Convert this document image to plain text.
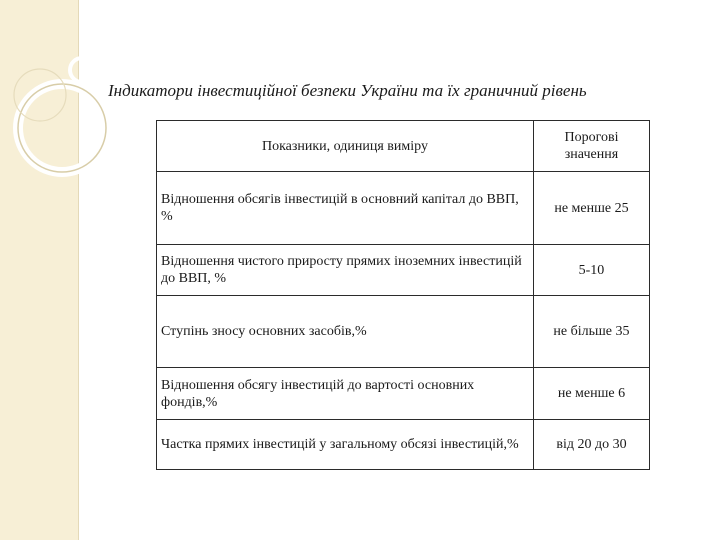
Індикатори інвестиційної безпеки України та їх граничний рівень
Показники, одиниця виміру	Порогові значення
Відношення обсягів інвестицій в основний капітал до ВВП, %	не менше 25
Відношення чистого приросту прямих іноземних інвестицій до ВВП, %	5-10
Ступінь зносу основних засобів,%	не більше 35
Відношення обсягу інвестицій до вартості основних фондів,%	не менше 6
Частка прямих інвестицій у загальному обсязі інвестицій,%	від 20 до 30
